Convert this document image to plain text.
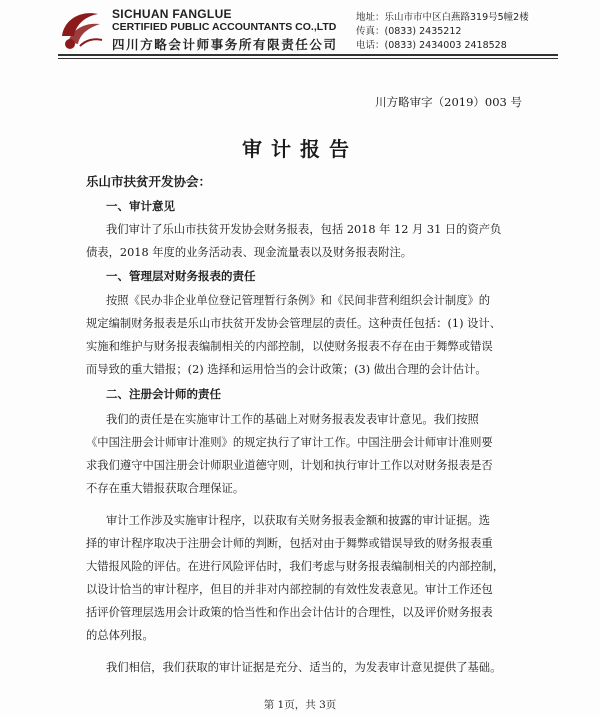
SICHUAN FANGLUE
CERTIFIED PUBLIC ACCOUNTANTS CO.,LTD
四川方略会计师事务所有限责任公司
地址：乐山市市中区白燕路319号5幢2楼
传真：(0833) 2435212
电话：(0833) 2434003 2418528
川方略审字（2019）003 号
审计报告
乐山市扶贫开发协会：
一、审计意见
我们审计了乐山市扶贫开发协会财务报表，包括 2018 年 12 月 31 日的资产负
债表，2018 年度的业务活动表、现金流量表以及财务报表附注。
一、管理层对财务报表的责任
按照《民办非企业单位登记管理暂行条例》和《民间非营利组织会计制度》的
规定编制财务报表是乐山市扶贫开发协会管理层的责任。这种责任包括：(1) 设计、
实施和维护与财务报表编制相关的内部控制，以使财务报表不存在由于舞弊或错误
而导致的重大错报；(2) 选择和运用恰当的会计政策；(3) 做出合理的会计估计。
二、注册会计师的责任
我们的责任是在实施审计工作的基础上对财务报表发表审计意见。我们按照
《中国注册会计师审计准则》的规定执行了审计工作。中国注册会计师审计准则要
求我们遵守中国注册会计师职业道德守则，计划和执行审计工作以对财务报表是否
不存在重大错报获取合理保证。
审计工作涉及实施审计程序，以获取有关财务报表金额和披露的审计证据。选
择的审计程序取决于注册会计师的判断，包括对由于舞弊或错误导致的财务报表重
大错报风险的评估。在进行风险评估时，我们考虑与财务报表编制相关的内部控制，
以设计恰当的审计程序，但目的并非对内部控制的有效性发表意见。审计工作还包
括评价管理层选用会计政策的恰当性和作出会计估计的合理性，以及评价财务报表
的总体列报。
我们相信，我们获取的审计证据是充分、适当的，为发表审计意见提供了基础。
第 1页，共 3页
